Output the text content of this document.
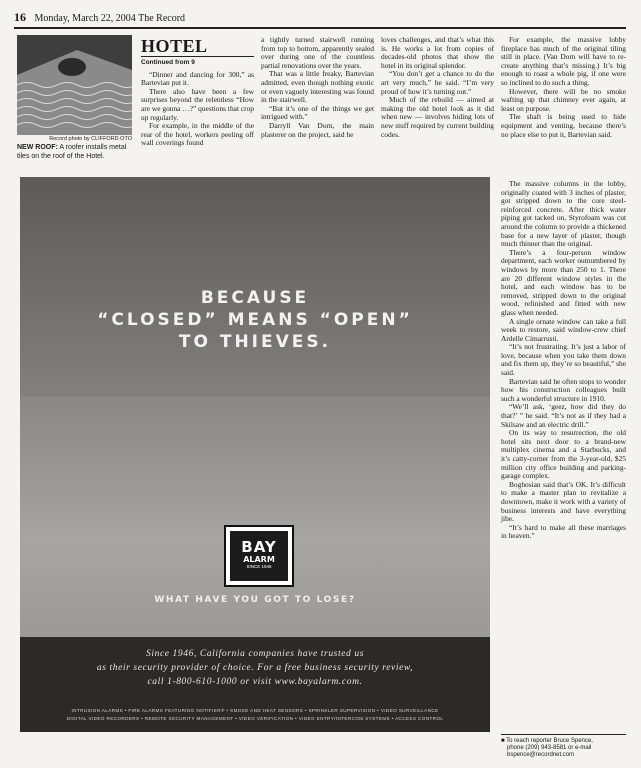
16 Monday, March 22, 2004 The Record
Record photo by CLIFFORD OTO
NEW ROOF: A roofer installs metal tiles on the roof of the Hotel.
HOTEL
Continued from 9

“Dinner and dancing for 300,” as Bartevian put it.

There also have been a few surprises beyond the relentless “How are we gonna …?” questions that crop up regularly.

For example, in the middle of the rear of the hotel, workers peeling off wall coverings found

a tightly turned stairwell running from top to bottom, apparently sealed over during one of the countless partial renovations over the years.

That was a little freaky, Bartevian admitted, even though nothing exotic or even vaguely interesting was found in the stairwell.

“But it’s one of the things we get intrigued with.”

Darryll Van Dorn, the main plasterer on the project, said he

loves challenges, and that’s what this is. He works a lot from copies of decades-old photos that show the hotel in its original splendor.

“You don’t get a chance to do the art very much,” he said. “I’m very proud of how it’s turning out.”

Much of the rebuild — aimed at making the old hotel look as it did when new — involves hiding lots of new stuff required by current building codes.

For example, the massive lobby fireplace has much of the original tiling still in place. (Van Dorn will have to re-create anything that’s missing.) It’s big enough to roast a whole pig, if one were so inclined to do such a thing.

However, there will be no smoke wafting up that chimney ever again, at least on purpose.

The shaft is being used to hide equipment and venting, because there’s no place else to put it, Bartevian said.

The massive columns in the lobby, originally coated with 3 inches of plaster, got stripped down to the core steel-reinforced concrete. After thick water piping got tacked on, Styrofoam was cut around the column to provide a thickened base for a new layer of plaster, though much thinner than the original.

There’s a four-person window department, each worker outnumbered by windows by more than 250 to 1. There are 20 different window styles in the hotel, and each window has to be removed, stripped down to the original wood, refinished and fitted with new glass when needed.

A single ornate window can take a full week to restore, said window-crew chief Ardelle Cimarrusti.

“It’s not frustrating. It’s just a labor of love, because when you take them down and fix them up, they’re so beautiful,” she said.

Bartevian said he often stops to wonder how his construction colleagues built such a wonderful structure in 1910.

“We’ll ask, ‘geez, how did they do that?’ ” he said. “It’s not as if they had a Skilsaw and an electric drill.”

On its way to resurrection, the old hotel sits next door to a brand-new multiplex cinema and a Starbucks, and it’s catty-corner from the 3-year-old, $25 million city office building and parking-garage complex.

Boghosian said that’s OK. It’s difficult to make a master plan to revitalize a downtown, make it work with a variety of business interests and have everything jibe.

“It’s hard to make all these marriages in heaven.”

■ To reach reporter Bruce Spence,
phone (209) 943-8581 or e-mail
bspence@recordnet.com
BECAUSE
“CLOSED” MEANS “OPEN”
TO THIEVES.
BAY
ALARM
SINCE 1946
WHAT HAVE YOU GOT TO LOSE?
Since 1946, California companies have trusted us
as their security provider of choice. For a free business security review,
call 1-800-610-1000 or visit www.bayalarm.com.
INTRUSION ALARMS • FIRE ALARMS FEATURING NOTIFIER® • SMOKE AND HEAT SENSORS • SPRINKLER SUPERVISION • VIDEO SURVEILLANCE
DIGITAL VIDEO RECORDERS • REMOTE SECURITY MANAGEMENT • VIDEO VERIFICATION • VIDEO ENTRY/INTERCOM SYSTEMS • ACCESS CONTROL
